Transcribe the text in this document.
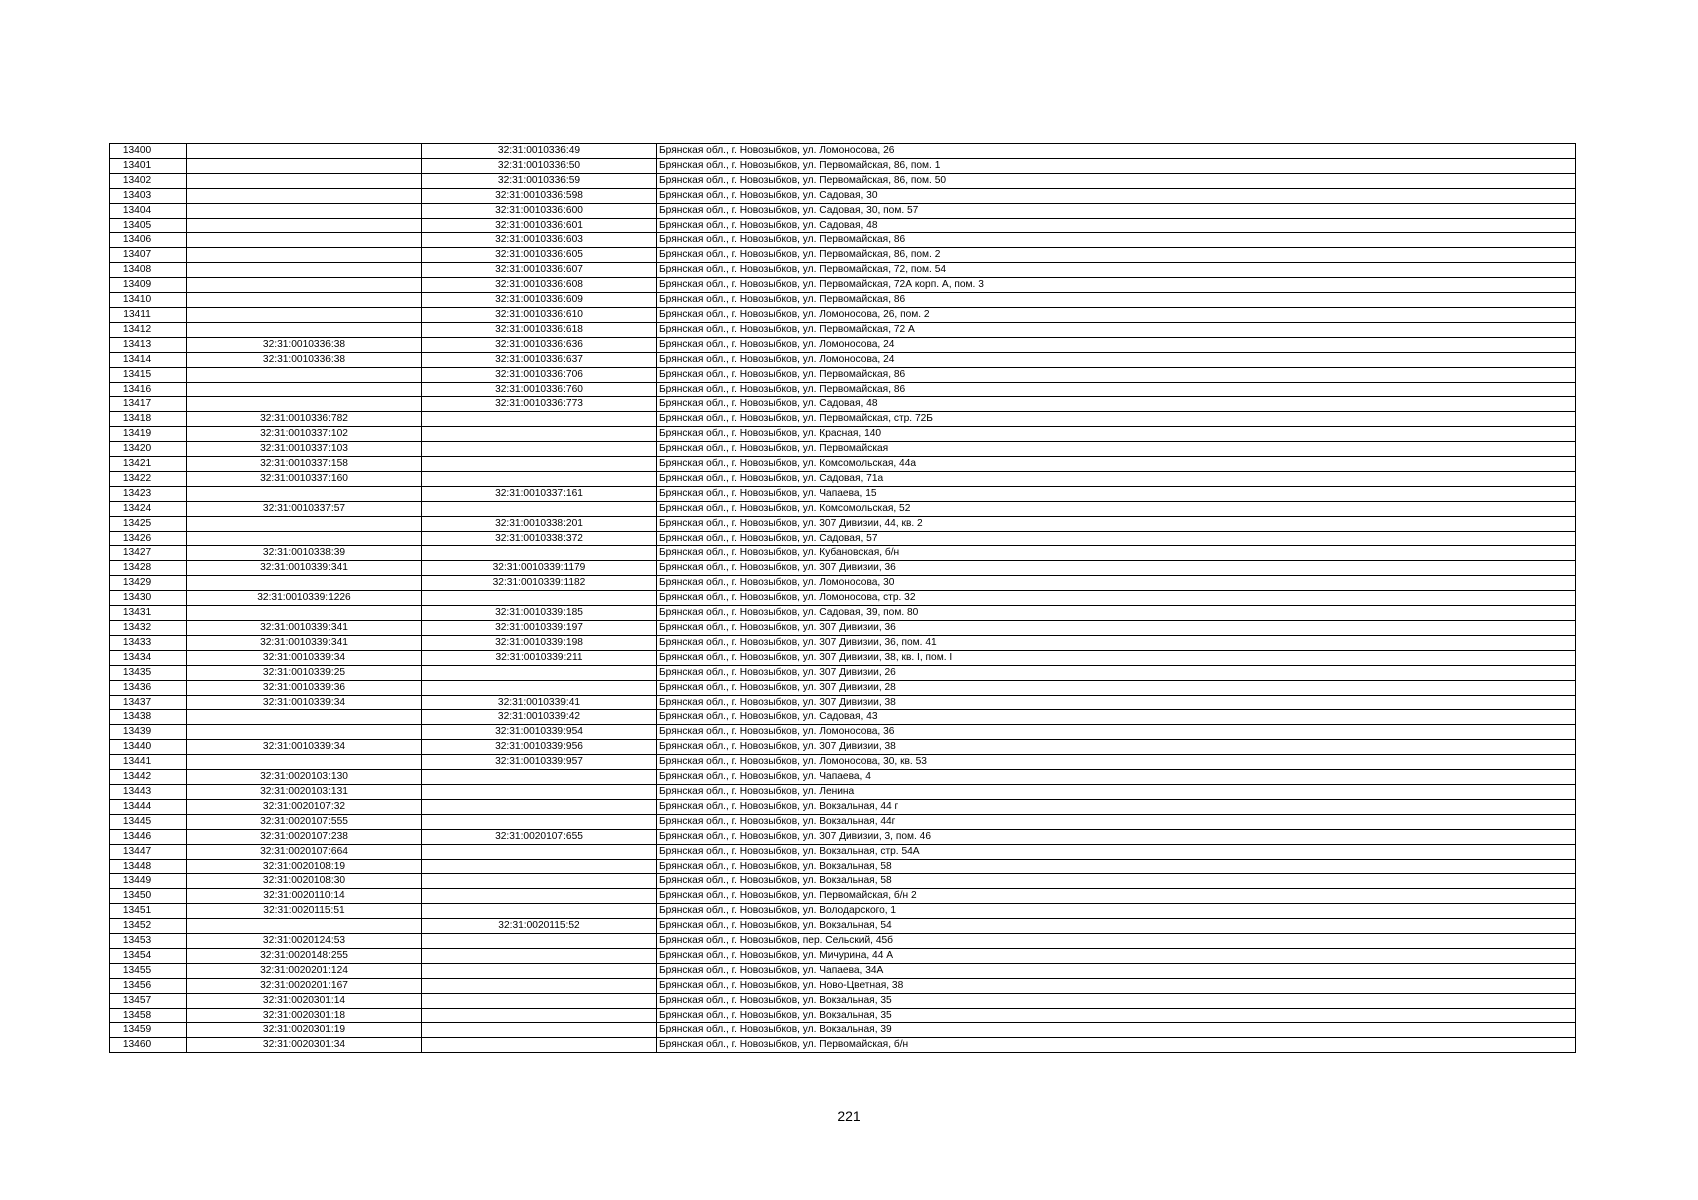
13400		32:31:0010336:49	Брянская обл., г. Новозыбков, ул. Ломоносова, 26
13401		32:31:0010336:50	Брянская обл., г. Новозыбков, ул. Первомайская, 86, пом. 1
13402		32:31:0010336:59	Брянская обл., г. Новозыбков, ул. Первомайская, 86, пом. 50
13403		32:31:0010336:598	Брянская обл., г. Новозыбков, ул. Садовая, 30
13404		32:31:0010336:600	Брянская обл., г. Новозыбков, ул. Садовая, 30, пом. 57
13405		32:31:0010336:601	Брянская обл., г. Новозыбков, ул. Садовая, 48
13406		32:31:0010336:603	Брянская обл., г. Новозыбков, ул. Первомайская, 86
13407		32:31:0010336:605	Брянская обл., г. Новозыбков, ул. Первомайская, 86, пом. 2
13408		32:31:0010336:607	Брянская обл., г. Новозыбков, ул. Первомайская, 72, пом. 54
13409		32:31:0010336:608	Брянская обл., г. Новозыбков, ул. Первомайская, 72А корп. А, пом. 3
13410		32:31:0010336:609	Брянская обл., г. Новозыбков, ул. Первомайская, 86
13411		32:31:0010336:610	Брянская обл., г. Новозыбков, ул. Ломоносова, 26, пом. 2
13412		32:31:0010336:618	Брянская обл., г. Новозыбков, ул. Первомайская, 72 А
13413	32:31:0010336:38	32:31:0010336:636	Брянская обл., г. Новозыбков, ул. Ломоносова, 24
13414	32:31:0010336:38	32:31:0010336:637	Брянская обл., г. Новозыбков, ул. Ломоносова, 24
13415		32:31:0010336:706	Брянская обл., г. Новозыбков, ул. Первомайская, 86
13416		32:31:0010336:760	Брянская обл., г. Новозыбков, ул. Первомайская, 86
13417		32:31:0010336:773	Брянская обл., г. Новозыбков, ул. Садовая, 48
13418	32:31:0010336:782		Брянская обл., г. Новозыбков, ул. Первомайская, стр. 72Б
13419	32:31:0010337:102		Брянская обл., г. Новозыбков, ул. Красная, 140
13420	32:31:0010337:103		Брянская обл., г. Новозыбков, ул. Первомайская
13421	32:31:0010337:158		Брянская обл., г. Новозыбков, ул. Комсомольская, 44а
13422	32:31:0010337:160		Брянская обл., г. Новозыбков, ул. Садовая, 71а
13423		32:31:0010337:161	Брянская обл., г. Новозыбков, ул. Чапаева, 15
13424	32:31:0010337:57		Брянская обл., г. Новозыбков, ул. Комсомольская, 52
13425		32:31:0010338:201	Брянская обл., г. Новозыбков, ул. 307 Дивизии, 44, кв. 2
13426		32:31:0010338:372	Брянская обл., г. Новозыбков, ул. Садовая, 57
13427	32:31:0010338:39		Брянская обл., г. Новозыбков, ул. Кубановская, б/н
13428	32:31:0010339:341	32:31:0010339:1179	Брянская обл., г. Новозыбков, ул. 307 Дивизии, 36
13429		32:31:0010339:1182	Брянская обл., г. Новозыбков, ул. Ломоносова, 30
13430	32:31:0010339:1226		Брянская обл., г. Новозыбков, ул. Ломоносова, стр. 32
13431		32:31:0010339:185	Брянская обл., г. Новозыбков, ул. Садовая, 39, пом. 80
13432	32:31:0010339:341	32:31:0010339:197	Брянская обл., г. Новозыбков, ул. 307 Дивизии, 36
13433	32:31:0010339:341	32:31:0010339:198	Брянская обл., г. Новозыбков, ул. 307 Дивизии, 36, пом. 41
13434	32:31:0010339:34	32:31:0010339:211	Брянская обл., г. Новозыбков, ул. 307 Дивизии, 38, кв. I, пом. I
13435	32:31:0010339:25		Брянская обл., г. Новозыбков, ул. 307 Дивизии, 26
13436	32:31:0010339:36		Брянская обл., г. Новозыбков, ул. 307 Дивизии, 28
13437	32:31:0010339:34	32:31:0010339:41	Брянская обл., г. Новозыбков, ул. 307 Дивизии, 38
13438		32:31:0010339:42	Брянская обл., г. Новозыбков, ул. Садовая, 43
13439		32:31:0010339:954	Брянская обл., г. Новозыбков, ул. Ломоносова, 36
13440	32:31:0010339:34	32:31:0010339:956	Брянская обл., г. Новозыбков, ул. 307 Дивизии, 38
13441		32:31:0010339:957	Брянская обл., г. Новозыбков, ул. Ломоносова, 30, кв. 53
13442	32:31:0020103:130		Брянская обл., г. Новозыбков, ул. Чапаева, 4
13443	32:31:0020103:131		Брянская обл., г. Новозыбков, ул. Ленина
13444	32:31:0020107:32		Брянская обл., г. Новозыбков, ул. Вокзальная, 44 г
13445	32:31:0020107:555		Брянская обл., г. Новозыбков, ул. Вокзальная, 44г
13446	32:31:0020107:238	32:31:0020107:655	Брянская обл., г. Новозыбков, ул. 307 Дивизии, 3, пом. 46
13447	32:31:0020107:664		Брянская обл., г. Новозыбков, ул. Вокзальная, стр. 54А
13448	32:31:0020108:19		Брянская обл., г. Новозыбков, ул. Вокзальная, 58
13449	32:31:0020108:30		Брянская обл., г. Новозыбков, ул. Вокзальная, 58
13450	32:31:0020110:14		Брянская обл., г. Новозыбков, ул. Первомайская, б/н 2
13451	32:31:0020115:51		Брянская обл., г. Новозыбков, ул. Володарского, 1
13452		32:31:0020115:52	Брянская обл., г. Новозыбков, ул. Вокзальная, 54
13453	32:31:0020124:53		Брянская обл., г. Новозыбков, пер. Сельский, 45б
13454	32:31:0020148:255		Брянская обл., г. Новозыбков, ул. Мичурина, 44 А
13455	32:31:0020201:124		Брянская обл., г. Новозыбков, ул. Чапаева, 34А
13456	32:31:0020201:167		Брянская обл., г. Новозыбков, ул. Ново-Цветная, 38
13457	32:31:0020301:14		Брянская обл., г. Новозыбков, ул. Вокзальная, 35
13458	32:31:0020301:18		Брянская обл., г. Новозыбков, ул. Вокзальная, 35
13459	32:31:0020301:19		Брянская обл., г. Новозыбков, ул. Вокзальная, 39
13460	32:31:0020301:34		Брянская обл., г. Новозыбков, ул. Первомайская, б/н
221
